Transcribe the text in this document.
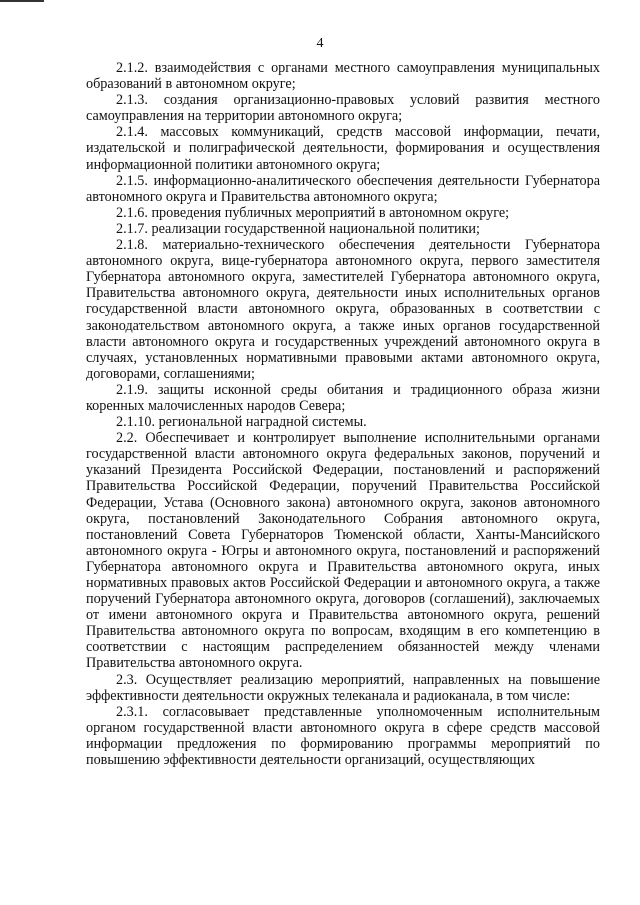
4

2.1.2. взаимодействия с органами местного самоуправления муниципальных образований в автономном округе;

2.1.3. создания организационно-правовых условий развития местного самоуправления на территории автономного округа;

2.1.4. массовых коммуникаций, средств массовой информации, печати, издательской и полиграфической деятельности, формирования и осуществления информационной политики автономного округа;

2.1.5. информационно-аналитического обеспечения деятельности Губернатора автономного округа и Правительства автономного округа;

2.1.6. проведения публичных мероприятий в автономном округе;

2.1.7. реализации государственной национальной политики;

2.1.8. материально-технического обеспечения деятельности Губернатора автономного округа, вице-губернатора автономного округа, первого заместителя Губернатора автономного округа, заместителей Губернатора автономного округа, Правительства автономного округа, деятельности иных исполнительных органов государственной власти автономного округа, образованных в соответствии с законодательством автономного округа, а также иных органов государственной власти автономного округа и государственных учреждений автономного округа в случаях, установленных нормативными правовыми актами автономного округа, договорами, соглашениями;

2.1.9. защиты исконной среды обитания и традиционного образа жизни коренных малочисленных народов Севера;

2.1.10. региональной наградной системы.

2.2. Обеспечивает и контролирует выполнение исполнительными органами государственной власти автономного округа федеральных законов, поручений и указаний Президента Российской Федерации, постановлений и распоряжений Правительства Российской Федерации, поручений Правительства Российской Федерации, Устава (Основного закона) автономного округа, законов автономного округа, постановлений Законодательного Собрания автономного округа, постановлений Совета Губернаторов Тюменской области, Ханты-Мансийского автономного округа - Югры и автономного округа, постановлений и распоряжений Губернатора автономного округа и Правительства автономного округа, иных нормативных правовых актов Российской Федерации и автономного округа, а также поручений Губернатора автономного округа, договоров (соглашений), заключаемых от имени автономного округа и Правительства автономного округа, решений Правительства автономного округа по вопросам, входящим в его компетенцию в соответствии с настоящим распределением обязанностей между членами Правительства автономного округа.

2.3. Осуществляет реализацию мероприятий, направленных на повышение эффективности деятельности окружных телеканала и радиоканала, в том числе:

2.3.1. согласовывает представленные уполномоченным исполнительным органом государственной власти автономного округа в сфере средств массовой информации предложения по формированию программы мероприятий по повышению эффективности деятельности организаций, осуществляющих
